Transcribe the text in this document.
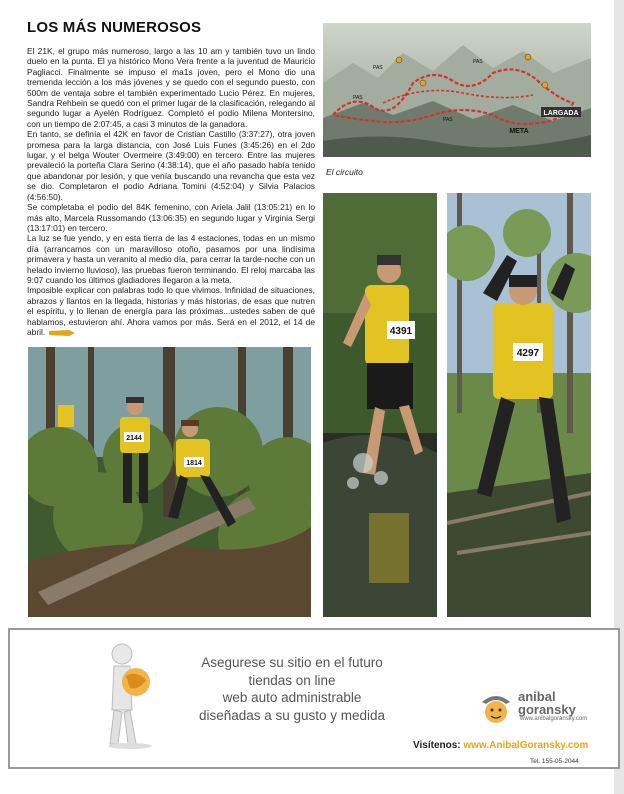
LOS MÁS NUMEROSOS

El 21K, el grupo más numeroso, largo a las 10 am y también tuvo un lindo duelo en la punta. El ya histórico Mono Vera frente a la juventud de Mauricio Pagliacci. Finalmente se impuso el ma1s joven, pero el Mono dio una tremenda lección a los más jóvenes y se quedo con el segundo puesto, con 500m de ventaja sobre el también experimentado Lucio Pérez. En mujeres, Sandra Rehbein se quedó con el primer lugar de la clasificación, relegando al segundo lugar a Ayelén Rodríguez. Completó el podio Milena Montersino, con un tiempo de 2:07:45, a casi 3 minutos de la ganadora.

En tanto, se definía el 42K en favor de Cristian Castillo (3:37:27), otra joven promesa para la larga distancia, con José Luis Funes (3:45:26) en el 2do lugar, y el belga Wouter Overmeire (3:49:00) en tercero. Entre las mujeres prevaleció la porteña Clara Serino (4:38:14), que el año pasado había tenido que abandonar por lesión, y que venía buscando una revancha que esta vez se dio. Completaron el podio Adriana Tomini (4:52:04) y Silvia Palacios (4:56:50).

Se completaba el podio del 84K femenino, con Ariela Jalil (13:05:21) en lo más alto, Marcela Russomando (13:06:35) en segundo lugar y Virginia Sergi (13:17:01) en tercero.

La luz se fue yendo, y en esta tierra de las 4 estaciones, todas en un mismo día (arrancamos con un maravilloso otoño, pasamos por una lindísima primavera y hasta un veranito al medio día, para cerrar la tarde-noche con un helado invierno lluvioso), las pruebas fueron terminando. El reloj marcaba las 9:07 cuando los últimos gladiadores llegaron a la meta.

Imposible explicar con palabras todo lo que vivimos. Infinidad de situaciones, abrazos y llantos en la llegada, historias y más historias, de esas que nutren el espíritu, y lo llenan de energía para las próximas...ustedes saben de qué hablamos, estuvieron ahí. Ahora vamos por más. Será en el 2012, el 14 de abril.

LARGADA
META
PAS
PAS
PAS
PAS
El circuito
2144
1814
4391
4297
Asegurese su sitio en el futuro
tiendas on line
web auto administrable
diseñadas a su gusto y medida
anibal goransky
www.anibalgoransky.com
Visítenos: www.AnibalGoransky.com
Tel. 155-05-2044
